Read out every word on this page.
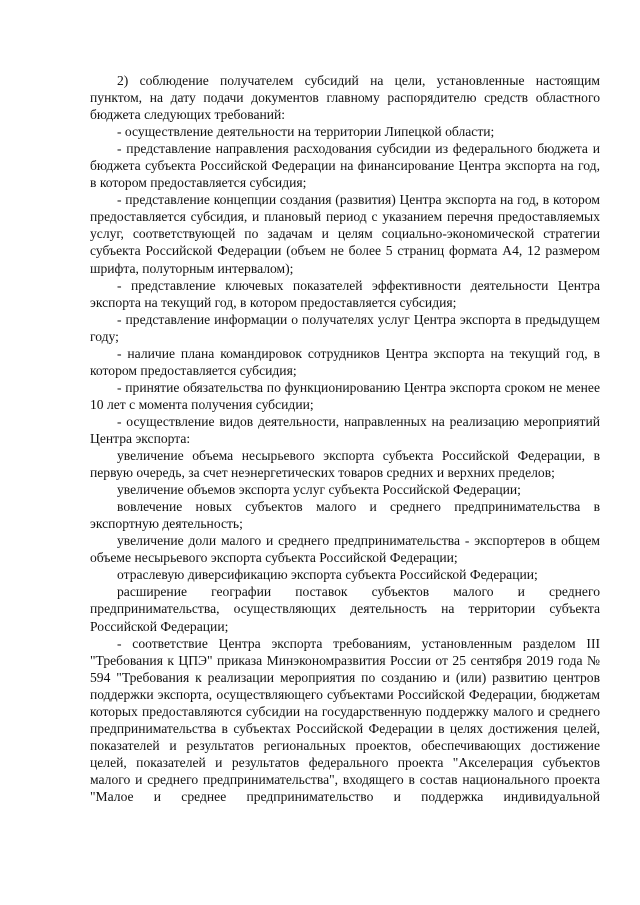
2) соблюдение получателем субсидий на цели, установленные настоящим пунктом, на дату подачи документов главному распорядителю средств областного бюджета следующих требований:

- осуществление деятельности на территории Липецкой области;

- представление направления расходования субсидии из федерального бюджета и бюджета субъекта Российской Федерации на финансирование Центра экспорта на год, в котором предоставляется субсидия;

- представление концепции создания (развития) Центра экспорта на год, в котором предоставляется субсидия, и плановый период с указанием перечня предоставляемых услуг, соответствующей по задачам и целям социально-экономической стратегии субъекта Российской Федерации (объем не более 5 страниц формата А4, 12 размером шрифта, полуторным интервалом);

- представление ключевых показателей эффективности деятельности Центра экспорта на текущий год, в котором предоставляется субсидия;

- представление информации о получателях услуг Центра экспорта в предыдущем году;

- наличие плана командировок сотрудников Центра экспорта на текущий год, в котором предоставляется субсидия;

- принятие обязательства по функционированию Центра экспорта сроком не менее 10 лет с момента получения субсидии;

- осуществление видов деятельности, направленных на реализацию мероприятий Центра экспорта:

увеличение объема несырьевого экспорта субъекта Российской Федерации, в первую очередь, за счет неэнергетических товаров средних и верхних пределов;

увеличение объемов экспорта услуг субъекта Российской Федерации;

вовлечение новых субъектов малого и среднего предпринимательства в экспортную деятельность;

увеличение доли малого и среднего предпринимательства - экспортеров в общем объеме несырьевого экспорта субъекта Российской Федерации;

отраслевую диверсификацию экспорта субъекта Российской Федерации;

расширение географии поставок субъектов малого и среднего предпринимательства, осуществляющих деятельность на территории субъекта Российской Федерации;

- соответствие Центра экспорта требованиям, установленным разделом III "Требования к ЦПЭ" приказа Минэкономразвития России от 25 сентября 2019 года № 594 "Требования к реализации мероприятия по созданию и (или) развитию центров поддержки экспорта, осуществляющего субъектами Российской Федерации, бюджетам которых предоставляются субсидии на государственную поддержку малого и среднего предпринимательства в субъектах Российской Федерации в целях достижения целей, показателей и результатов региональных проектов, обеспечивающих достижение целей, показателей и результатов федерального проекта "Акселерация субъектов малого и среднего предпринимательства", входящего в состав национального проекта "Малое и среднее предпринимательство и поддержка индивидуальной
